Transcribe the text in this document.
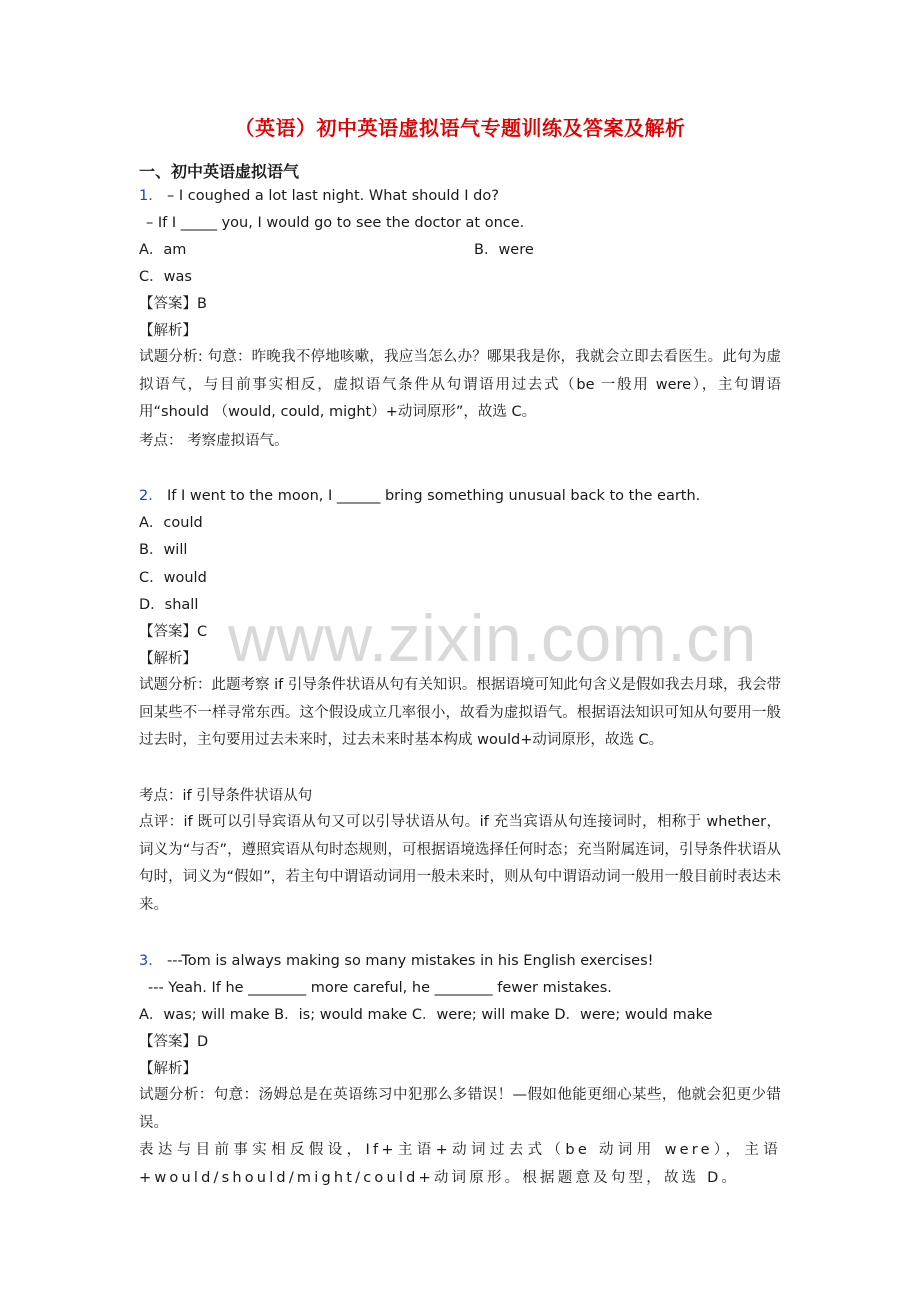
www.zixin.com.cn
（英语）初中英语虚拟语气专题训练及答案及解析
一、初中英语虚拟语气
1． – I coughed a lot last night. What should I do?
– If I _____ you, I would go to see the doctor at once.
A．am	B．were
C．was
【答案】B
【解析】
试题分析: 句意：昨晚我不停地咳嗽，我应当怎么办？哪果我是你，我就会立即去看医生。此句为虚拟语气，与目前事实相反，虚拟语气条件从句谓语用过去式（be 一般用 were），主句谓语用“should （would, could, might）+动词原形”，故选 C。
考点： 考察虚拟语气。
2． If I went to the moon, I ______ bring something unusual back to the earth.
A．could
B．will
C．would
D．shall
【答案】C
【解析】
试题分析：此题考察 if 引导条件状语从句有关知识。根据语境可知此句含义是假如我去月球，我会带回某些不一样寻常东西。这个假设成立几率很小，故看为虚拟语气。根据语法知识可知从句要用一般过去时，主句要用过去未来时，过去未来时基本构成 would+动词原形，故选 C。
考点：if 引导条件状语从句
点评：if 既可以引导宾语从句又可以引导状语从句。if 充当宾语从句连接词时，相称于 whether，词义为“与否”，遵照宾语从句时态规则，可根据语境选择任何时态；充当附属连词，引导条件状语从句时，词义为“假如”，若主句中谓语动词用一般未来时，则从句中谓语动词一般用一般目前时表达未来。
3． ---Tom is always making so many mistakes in his English exercises!
--- Yeah. If he ________ more careful, he ________ fewer mistakes.
A．was; will make B．is; would make C．were; will make D．were; would make
【答案】D
【解析】
试题分析：句意：汤姆总是在英语练习中犯那么多错误！—假如他能更细心某些，他就会犯更少错误。
表达与目前事实相反假设，If+主语+动词过去式（be 动词用 were），主语+would/should/might/could+动词原形。根据题意及句型，故选 D。
